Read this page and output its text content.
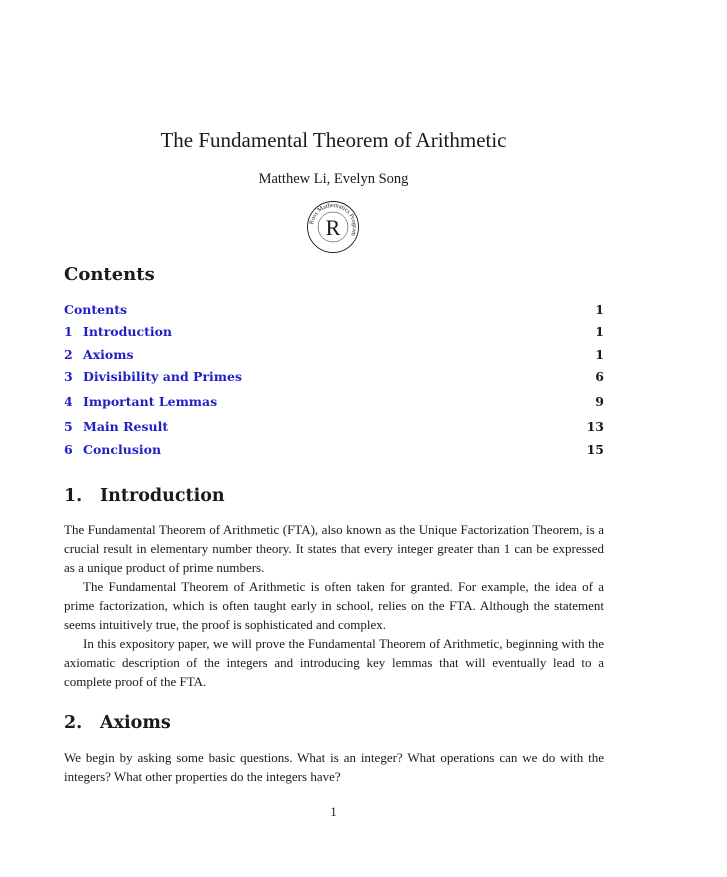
The Fundamental Theorem of Arithmetic
Matthew Li, Evelyn Song
Ross Mathematics Program
R
Contents
Contents	1
1 Introduction	1
2 Axioms	1
3 Divisibility and Primes	6
4 Important Lemmas	9
5 Main Result	13
6 Conclusion	15
1. Introduction

The Fundamental Theorem of Arithmetic (FTA), also known as the Unique Factorization Theorem, is a crucial result in elementary number theory. It states that every integer greater than 1 can be expressed as a unique product of prime numbers.

The Fundamental Theorem of Arithmetic is often taken for granted. For example, the idea of a prime factorization, which is often taught early in school, relies on the FTA. Although the statement seems intuitively true, the proof is sophisticated and complex.

In this expository paper, we will prove the Fundamental Theorem of Arithmetic, beginning with the axiomatic description of the integers and introducing key lemmas that will eventually lead to a complete proof of the FTA.

2. Axioms

We begin by asking some basic questions. What is an integer? What operations can we do with the integers? What other properties do the integers have?

1
